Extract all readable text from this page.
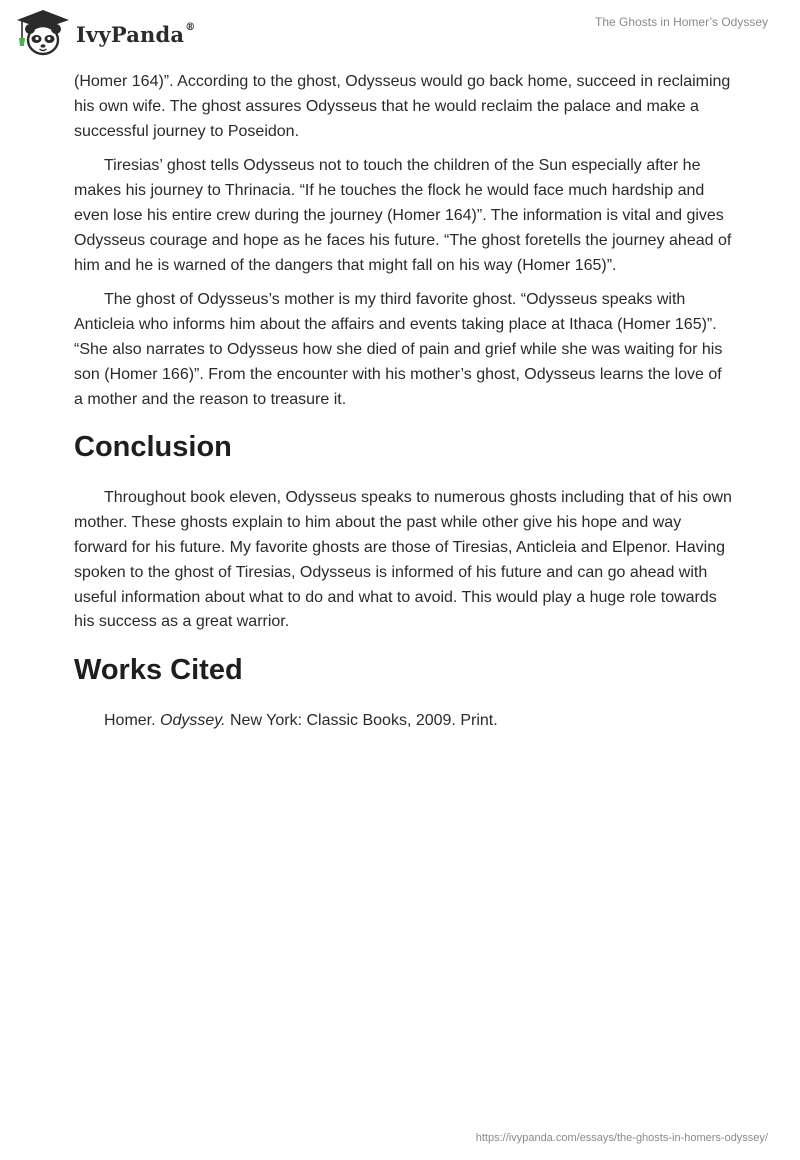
IvyPanda®	The Ghosts in Homer’s Odyssey

(Homer 164)”. According to the ghost, Odysseus would go back home, succeed in reclaiming his own wife. The ghost assures Odysseus that he would reclaim the palace and make a successful journey to Poseidon.

Tiresias’ ghost tells Odysseus not to touch the children of the Sun especially after he makes his journey to Thrinacia. “If he touches the flock he would face much hardship and even lose his entire crew during the journey (Homer 164)”. The information is vital and gives Odysseus courage and hope as he faces his future. “The ghost foretells the journey ahead of him and he is warned of the dangers that might fall on his way (Homer 165)”.

The ghost of Odysseus’s mother is my third favorite ghost. “Odysseus speaks with Anticleia who informs him about the affairs and events taking place at Ithaca (Homer 165)”. “She also narrates to Odysseus how she died of pain and grief while she was waiting for his son (Homer 166)”. From the encounter with his mother’s ghost, Odysseus learns the love of a mother and the reason to treasure it.

Conclusion

Throughout book eleven, Odysseus speaks to numerous ghosts including that of his own mother. These ghosts explain to him about the past while other give his hope and way forward for his future. My favorite ghosts are those of Tiresias, Anticleia and Elpenor. Having spoken to the ghost of Tiresias, Odysseus is informed of his future and can go ahead with useful information about what to do and what to avoid. This would play a huge role towards his success as a great warrior.

Works Cited

Homer. Odyssey. New York: Classic Books, 2009. Print.

https://ivypanda.com/essays/the-ghosts-in-homers-odyssey/
